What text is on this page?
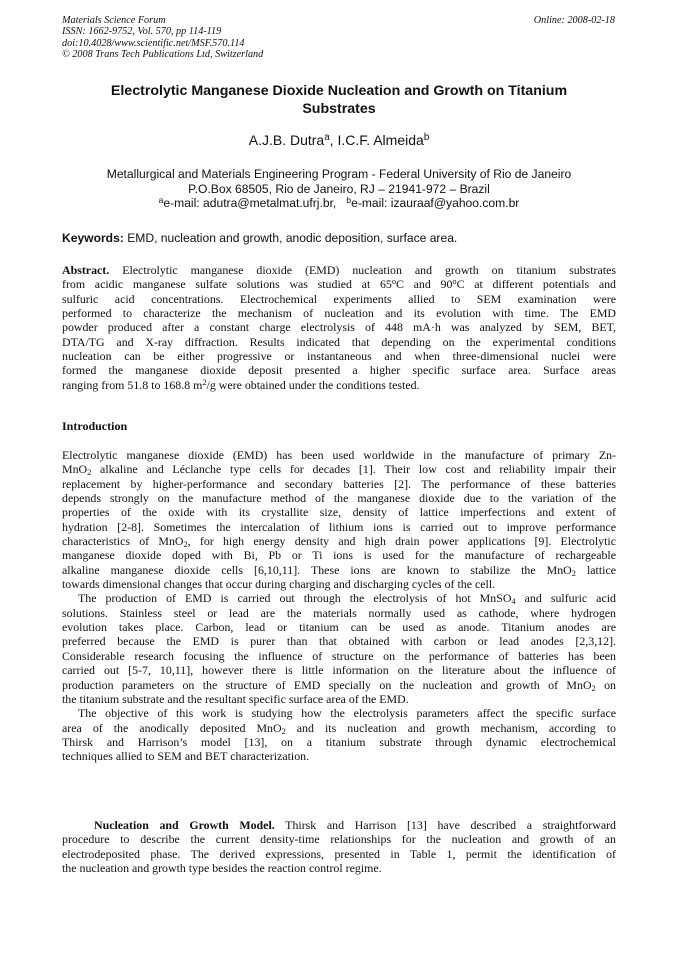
Materials Science Forum
ISSN: 1662-9752, Vol. 570, pp 114-119
doi:10.4028/www.scientific.net/MSF.570.114
© 2008 Trans Tech Publications Ltd, Switzerland
Online: 2008-02-18
Electrolytic Manganese Dioxide Nucleation and Growth on Titanium
Substrates
A.J.B. Dutra$^a$, I.C.F. Almeida$^b$
Metallurgical and Materials Engineering Program - Federal University of Rio de Janeiro
P.O.Box 68505, Rio de Janeiro, RJ – 21941-972 – Brazil
$^a$e-mail: adutra@metalmat.ufrj.br, $^b$e-mail: izauraaf@yahoo.com.br
Keywords: EMD, nucleation and growth, anodic deposition, surface area.
Abstract. Electrolytic manganese dioxide (EMD) nucleation and growth on titanium substrates
from acidic manganese sulfate solutions was studied at 65$^o$C and 90$^o$C at different potentials and
sulfuric acid concentrations. Electrochemical experiments allied to SEM examination were
performed to characterize the mechanism of nucleation and its evolution with time. The EMD
powder produced after a constant charge electrolysis of 448 mA·h was analyzed by SEM, BET,
DTA/TG and X-ray diffraction. Results indicated that depending on the experimental conditions
nucleation can be either progressive or instantaneous and when three-dimensional nuclei were
formed the manganese dioxide deposit presented a higher specific surface area. Surface areas
ranging from 51.8 to 168.8 $m^2/g$ were obtained under the conditions tested.
Introduction
Electrolytic manganese dioxide (EMD) has been used worldwide in the manufacture of primary Zn-
MnO$_2$ alkaline and Léclanche type cells for decades [1]. Their low cost and reliability impair their
replacement by higher-performance and secondary batteries [2]. The performance of these batteries
depends strongly on the manufacture method of the manganese dioxide due to the variation of the
properties of the oxide with its crystallite size, density of lattice imperfections and extent of
hydration [2-8]. Sometimes the intercalation of lithium ions is carried out to improve performance
characteristics of MnO$_2$, for high energy density and high drain power applications [9]. Electrolytic
manganese dioxide doped with Bi, Pb or Ti ions is used for the manufacture of rechargeable
alkaline manganese dioxide cells [6,10,11]. These ions are known to stabilize the MnO$_2$ lattice
towards dimensional changes that occur during charging and discharging cycles of the cell.
The production of EMD is carried out through the electrolysis of hot MnSO$_4$ and sulfuric acid
solutions. Stainless steel or lead are the materials normally used as cathode, where hydrogen
evolution takes place. Carbon, lead or titanium can be used as anode. Titanium anodes are
preferred because the EMD is purer than that obtained with carbon or lead anodes [2,3,12].
Considerable research focusing the influence of structure on the performance of batteries has been
carried out [5-7, 10,11], however there is little information on the literature about the influence of
production parameters on the structure of EMD specially on the nucleation and growth of MnO$_2$ on
the titanium substrate and the resultant specific surface area of the EMD.
The objective of this work is studying how the electrolysis parameters affect the specific surface
area of the anodically deposited MnO$_2$ and its nucleation and growth mechanism, according to
Thirsk and Harrison’s model [13], on a titanium substrate through dynamic electrochemical
techniques allied to SEM and BET characterization.
Nucleation and Growth Model. Thirsk and Harrison [13] have described a straightforward
procedure to describe the current density-time relationships for the nucleation and growth of an
electrodeposited phase. The derived expressions, presented in Table 1, permit the identification of
the nucleation and growth type besides the reaction control regime.
